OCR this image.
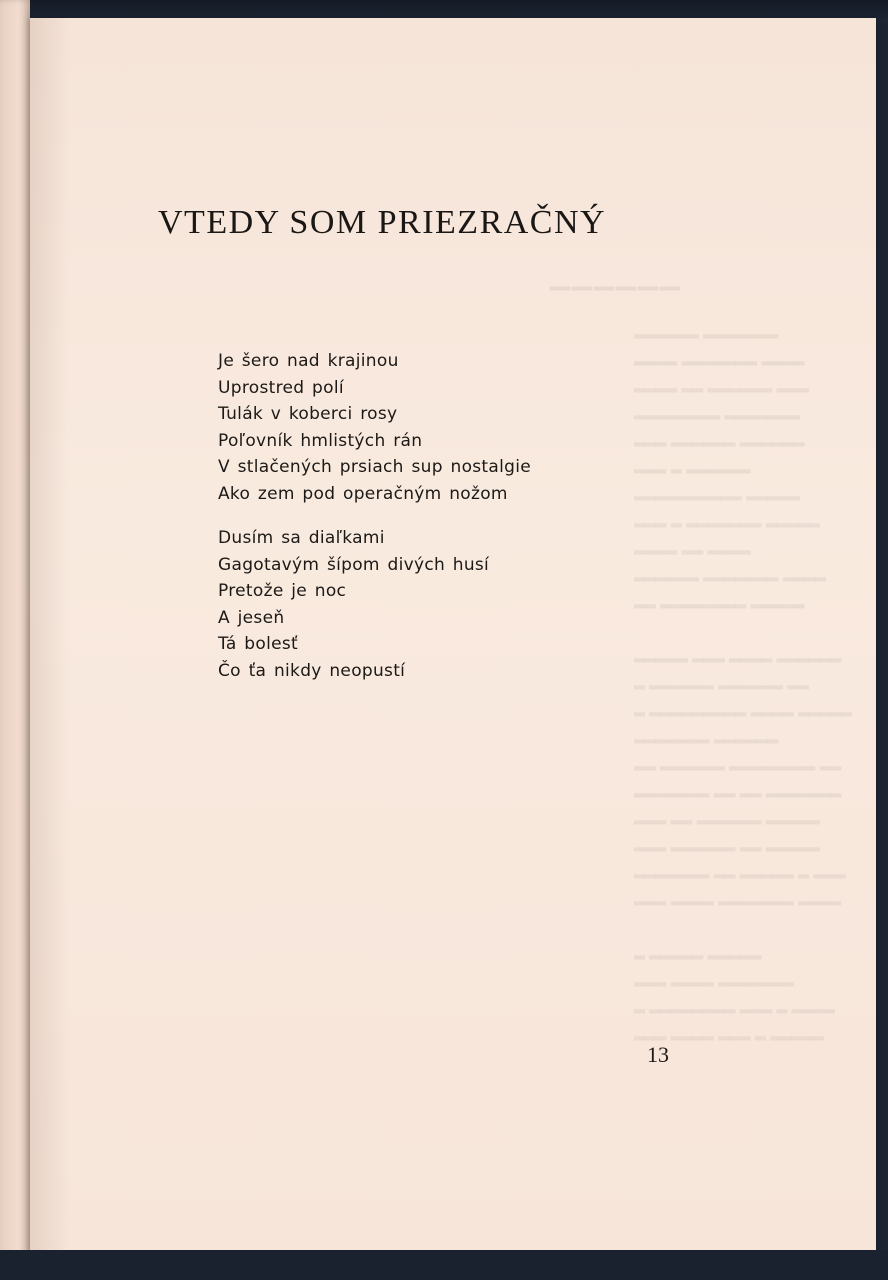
▁▁▁▁▁▁
▂▂▂▂▂▂ ▂▂▂▂▂▂▂
▂▂▂▂ ▂▂▂▂▂▂▂ ▂▂▂▂
▂▂▂▂ ▂▂ ▂▂▂▂▂▂ ▂▂▂
▂▂▂▂▂▂▂▂ ▂▂▂▂▂▂▂
▂▂▂ ▂▂▂▂▂▂ ▂▂▂▂▂▂
▂▂▂ ▂ ▂▂▂▂▂▂
▂▂▂▂▂▂▂▂▂▂ ▂▂▂▂▂
▂▂▂ ▂ ▂▂▂▂▂▂▂ ▂▂▂▂▂
▂▂▂▂ ▂▂ ▂▂▂▂
▂▂▂▂▂▂ ▂▂▂▂▂▂▂ ▂▂▂▂
▂▂ ▂▂▂▂▂▂▂▂ ▂▂▂▂▂

▂▂▂▂▂ ▂▂▂ ▂▂▂▂ ▂▂▂▂▂▂
▂ ▂▂▂▂▂▂ ▂▂▂▂▂▂ ▂▂
▂ ▂▂▂▂▂▂▂▂▂ ▂▂▂▂ ▂▂▂▂▂
▂▂▂▂▂▂▂ ▂▂▂▂▂▂
▂▂ ▂▂▂▂▂▂ ▂▂▂▂▂▂▂▂ ▂▂
▂▂▂▂▂▂▂ ▂▂ ▂▂ ▂▂▂▂▂▂▂
▂▂▂ ▂▂ ▂▂▂▂▂▂ ▂▂▂▂▂
▂▂▂ ▂▂▂▂▂▂ ▂▂ ▂▂▂▂▂
▂▂▂▂▂▂▂ ▂▂ ▂▂▂▂▂ ▂ ▂▂▂
▂▂▂ ▂▂▂▂ ▂▂▂▂▂▂▂ ▂▂▂▂

▂ ▂▂▂▂▂ ▂▂▂▂▂
▂▂▂ ▂▂▂▂ ▂▂▂▂▂▂▂
▂ ▂▂▂▂▂▂▂▂ ▂▂▂ ▂ ▂▂▂▂
▂▂▂ ▂▂▂▂ ▂▂▂ ▂ ▂▂▂▂▂
VTEDY SOM PRIEZRAČNÝ
Je šero nad krajinou
Uprostred polí
Tulák v koberci rosy
Poľovník hmlistých rán
V stlačených prsiach sup nostalgie
Ako zem pod operačným nožom
Dusím sa diaľkami
Gagotavým šípom divých husí
Pretože je noc
A jeseň
Tá bolesť
Čo ťa nikdy neopustí
13
